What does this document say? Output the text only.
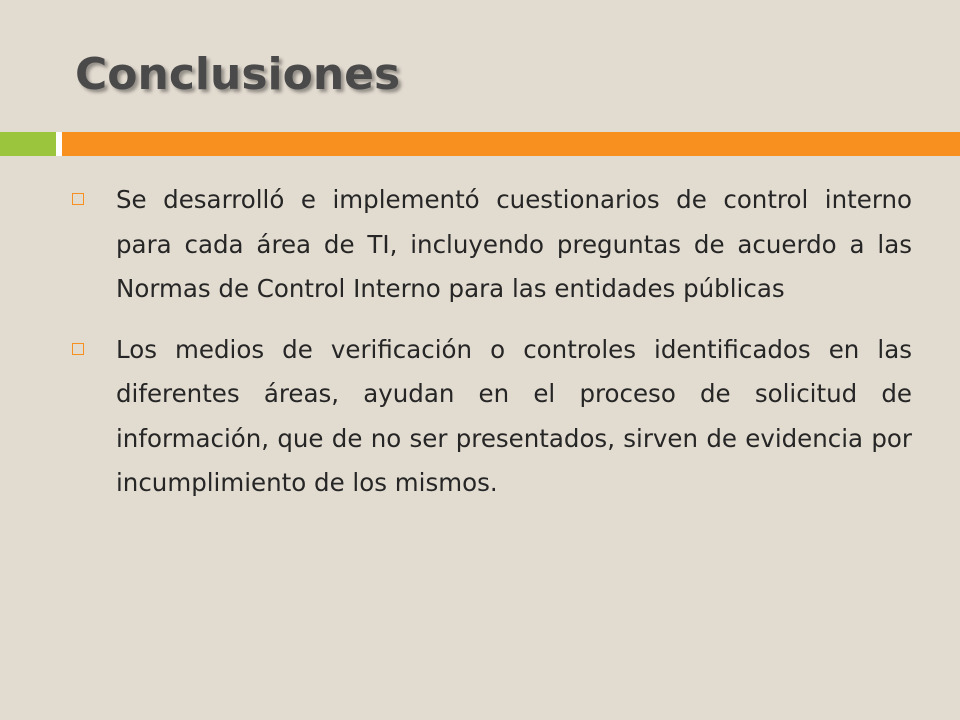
Conclusiones
Se desarrolló e implementó cuestionarios de control interno para cada área de TI, incluyendo preguntas de acuerdo a las Normas de Control Interno para las entidades públicas
Los medios de verificación o controles identificados en las diferentes áreas, ayudan en el proceso de solicitud de información, que de no ser presentados, sirven de evidencia por incumplimiento de los mismos.
